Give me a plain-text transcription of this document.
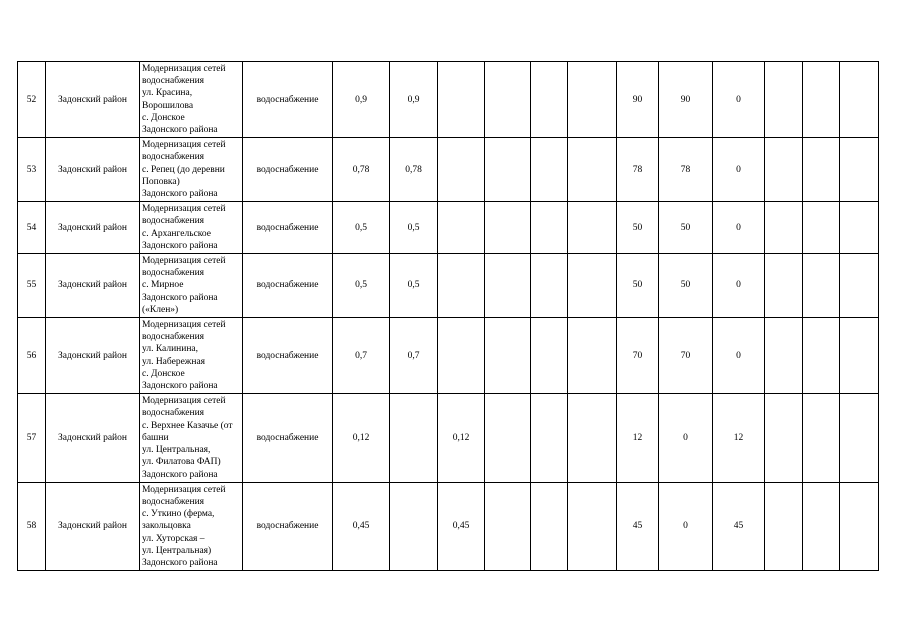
52	Задонский район	Модернизация сетей водоснабжения
ул. Красина, Ворошилова
с. Донское
Задонского района	водоснабжение	0,9	0,9					90	90	0			
53	Задонский район	Модернизация сетей водоснабжения
с. Репец (до деревни Поповка)
Задонского района	водоснабжение	0,78	0,78					78	78	0			
54	Задонский район	Модернизация сетей водоснабжения
с. Архангельское
Задонского района	водоснабжение	0,5	0,5					50	50	0			
55	Задонский район	Модернизация сетей водоснабжения
с. Мирное
Задонского района
(«Клен»)	водоснабжение	0,5	0,5					50	50	0			
56	Задонский район	Модернизация сетей водоснабжения
ул. Калинина,
ул. Набережная
с. Донское
Задонского района	водоснабжение	0,7	0,7					70	70	0			
57	Задонский район	Модернизация сетей водоснабжения
с. Верхнее Казачье (от башни
ул. Центральная,
ул. Филатова ФАП)
Задонского района	водоснабжение	0,12		0,12				12	0	12			
58	Задонский район	Модернизация сетей водоснабжения
с. Уткино (ферма, закольцовка
ул. Хуторская –
ул. Центральная)
Задонского района	водоснабжение	0,45		0,45				45	0	45			
